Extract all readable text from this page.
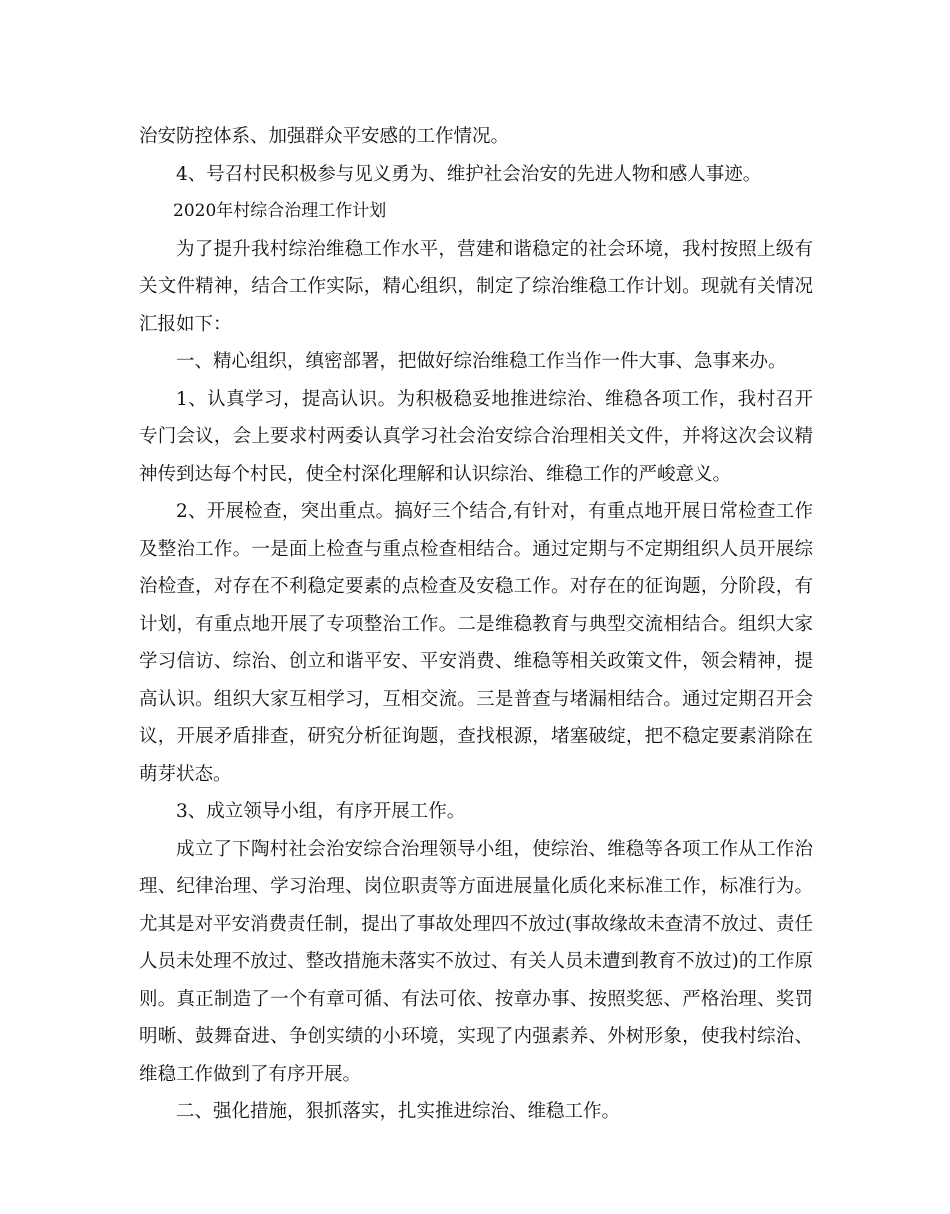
治安防控体系、加强群众平安感的工作情况。

4、号召村民积极参与见义勇为、维护社会治安的先进人物和感人事迹。

2020年村综合治理工作计划

为了提升我村综治维稳工作水平，营建和谐稳定的社会环境，我村按照上级有关文件精神，结合工作实际，精心组织，制定了综治维稳工作计划。现就有关情况汇报如下：

一、精心组织，缜密部署，把做好综治维稳工作当作一件大事、急事来办。

1、认真学习，提高认识。为积极稳妥地推进综治、维稳各项工作，我村召开专门会议，会上要求村两委认真学习社会治安综合治理相关文件，并将这次会议精神传到达每个村民，使全村深化理解和认识综治、维稳工作的严峻意义。

2、开展检查，突出重点。搞好三个结合,有针对，有重点地开展日常检查工作及整治工作。一是面上检查与重点检查相结合。通过定期与不定期组织人员开展综治检查，对存在不利稳定要素的点检查及安稳工作。对存在的征询题，分阶段，有计划，有重点地开展了专项整治工作。二是维稳教育与典型交流相结合。组织大家学习信访、综治、创立和谐平安、平安消费、维稳等相关政策文件，领会精神，提高认识。组织大家互相学习，互相交流。三是普查与堵漏相结合。通过定期召开会议，开展矛盾排查，研究分析征询题，查找根源，堵塞破绽，把不稳定要素消除在萌芽状态。

3、成立领导小组，有序开展工作。

成立了下陶村社会治安综合治理领导小组，使综治、维稳等各项工作从工作治理、纪律治理、学习治理、岗位职责等方面进展量化质化来标准工作，标准行为。尤其是对平安消费责任制，提出了事故处理四不放过(事故缘故未查清不放过、责任人员未处理不放过、整改措施未落实不放过、有关人员未遭到教育不放过)的工作原则。真正制造了一个有章可循、有法可依、按章办事、按照奖惩、严格治理、奖罚明晰、鼓舞奋进、争创实绩的小环境，实现了内强素养、外树形象，使我村综治、维稳工作做到了有序开展。

二、强化措施，狠抓落实，扎实推进综治、维稳工作。
